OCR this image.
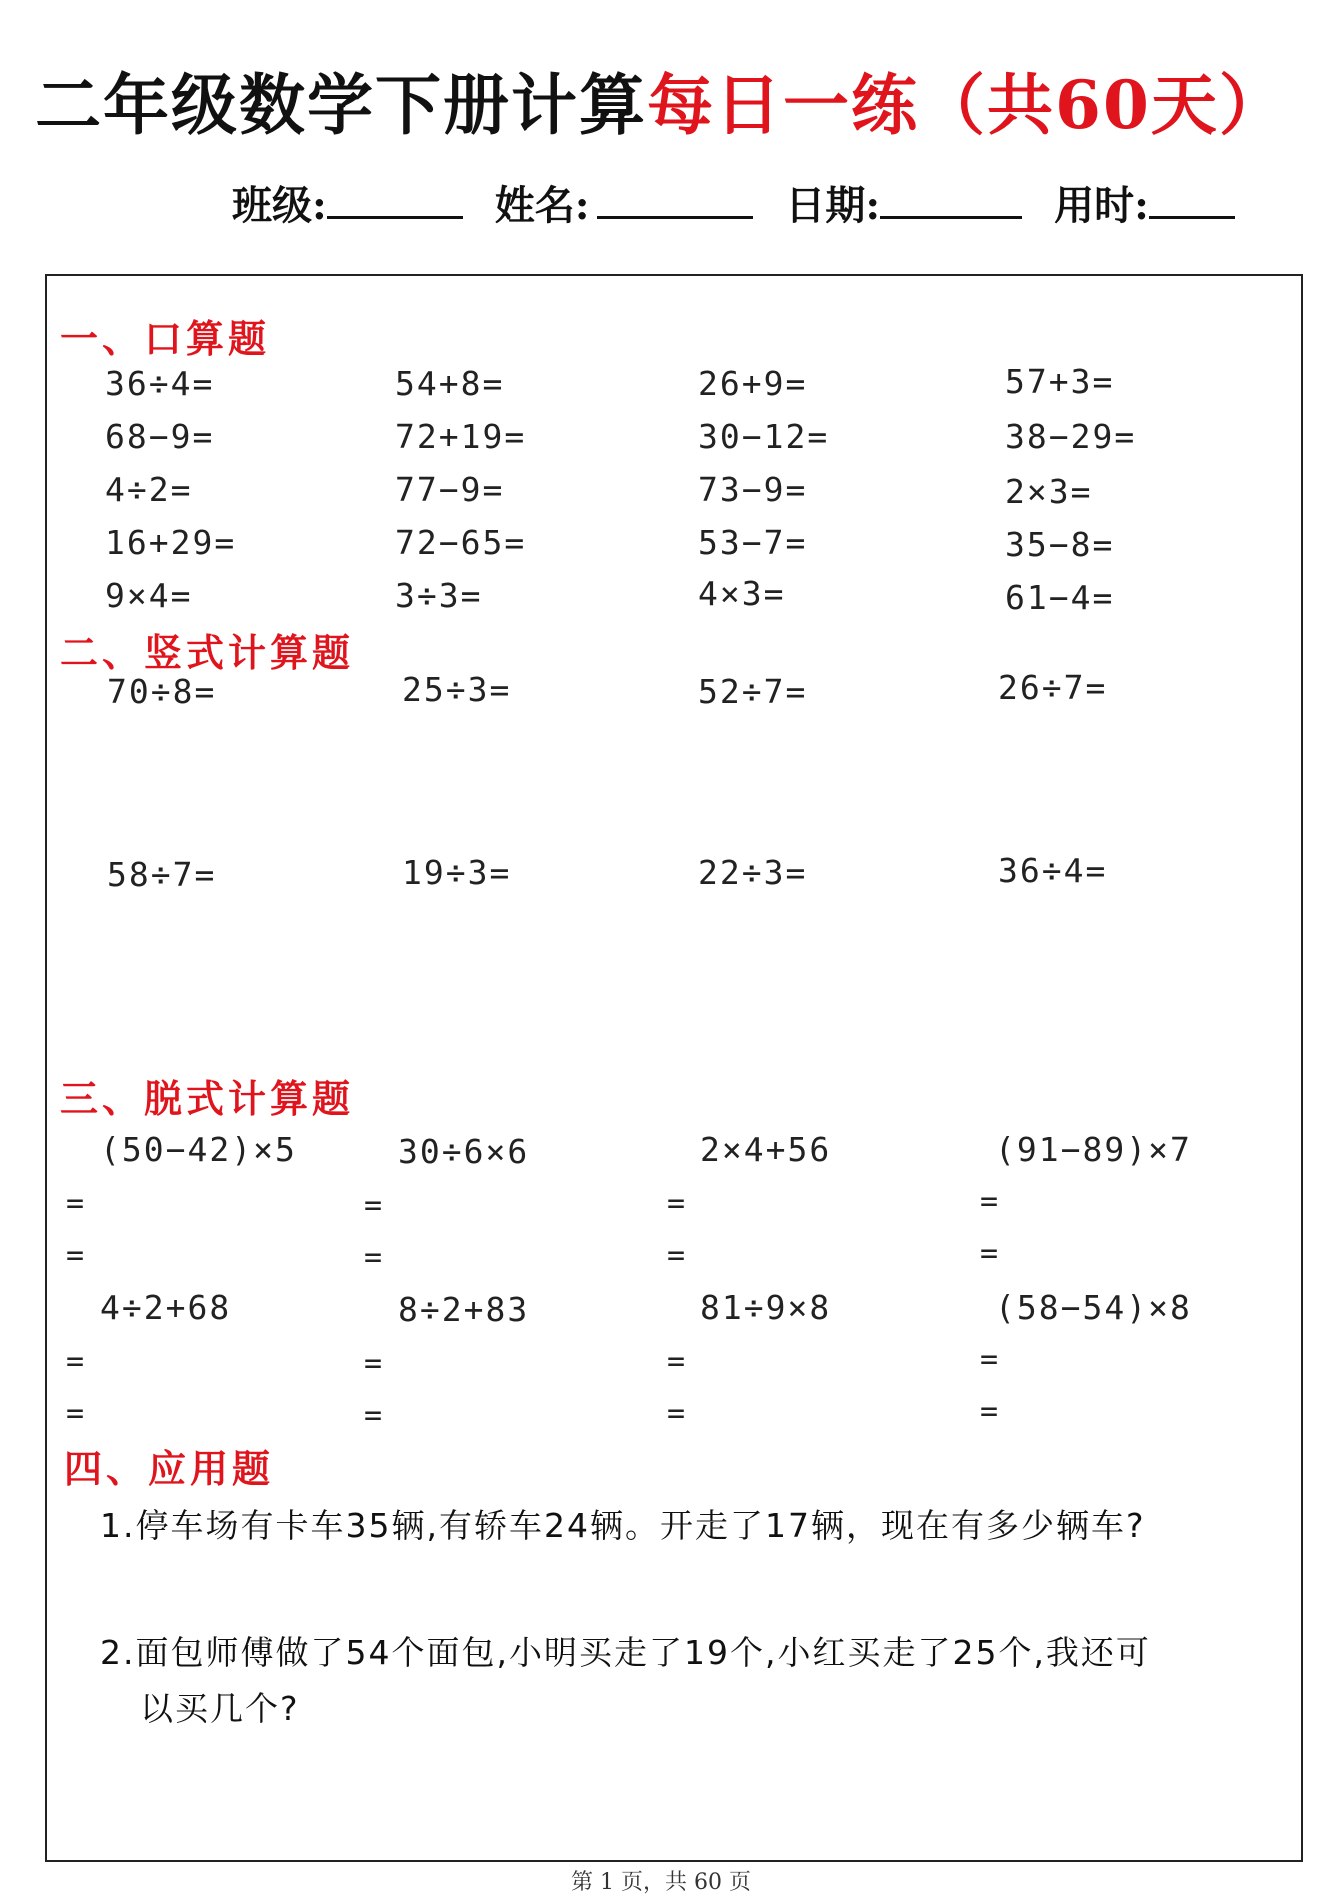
二年级数学下册计算每日一练（共60天）
班级:	姓名:	日期:	用时:
一、口算题
36÷4=	54+8=	26+9=	57+3=
68−9=	72+19=	30−12=	38−29=
4÷2=	77−9=	73−9=	2×3=
16+29=	72−65=	53−7=	35−8=
9×4=	3÷3=	4×3=	61−4=
二、竖式计算题
70÷8=	25÷3=	52÷7=	26÷7=
58÷7=	19÷3=	22÷3=	36÷4=
三、脱式计算题
(50−42)×5	30÷6×6	2×4+56	(91−89)×7
=	=	=	=
=	=	=	=
4÷2+68	8÷2+83	81÷9×8	(58−54)×8
=	=	=	=
=	=	=	=
四、应用题
1.停车场有卡车35辆,有轿车24辆。开走了17辆，现在有多少辆车?
2.面包师傅做了54个面包,小明买走了19个,小红买走了25个,我还可
以买几个?
第 1 页，共 60 页
